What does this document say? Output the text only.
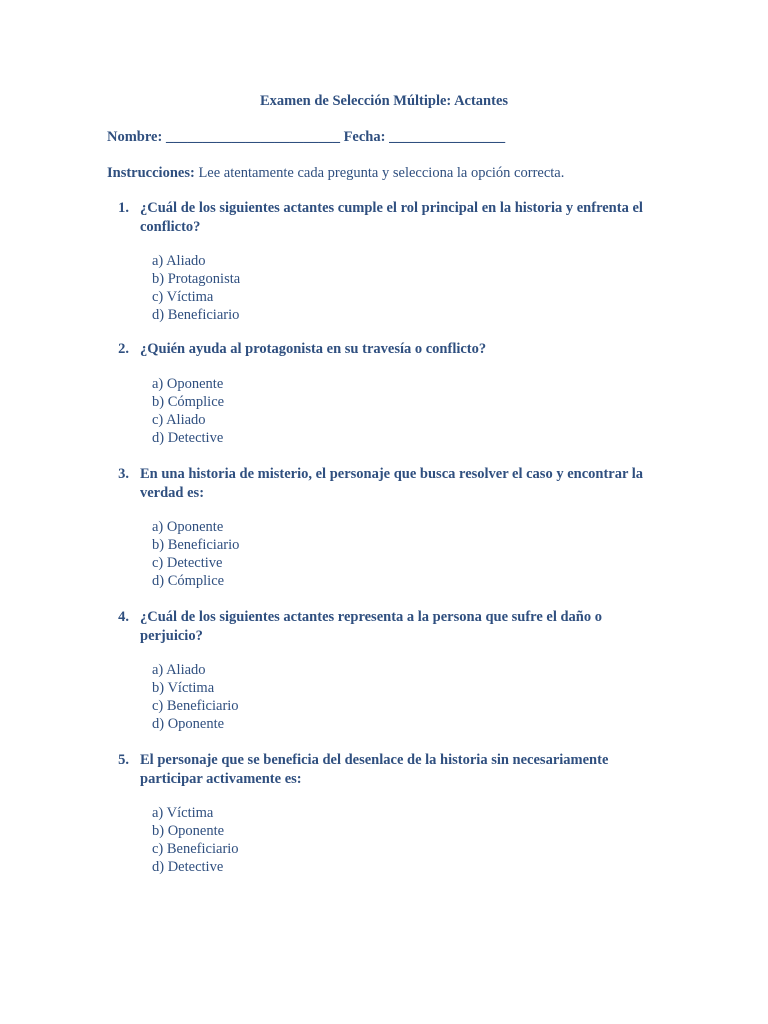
Examen de Selección Múltiple: Actantes
Nombre: ________________________ Fecha: ________________
Instrucciones: Lee atentamente cada pregunta y selecciona la opción correcta.
1. ¿Cuál de los siguientes actantes cumple el rol principal en la historia y enfrenta el conflicto?
a) Aliado
b) Protagonista
c) Víctima
d) Beneficiario
2. ¿Quién ayuda al protagonista en su travesía o conflicto?
a) Oponente
b) Cómplice
c) Aliado
d) Detective
3. En una historia de misterio, el personaje que busca resolver el caso y encontrar la verdad es:
a) Oponente
b) Beneficiario
c) Detective
d) Cómplice
4. ¿Cuál de los siguientes actantes representa a la persona que sufre el daño o perjuicio?
a) Aliado
b) Víctima
c) Beneficiario
d) Oponente
5. El personaje que se beneficia del desenlace de la historia sin necesariamente participar activamente es:
a) Víctima
b) Oponente
c) Beneficiario
d) Detective
